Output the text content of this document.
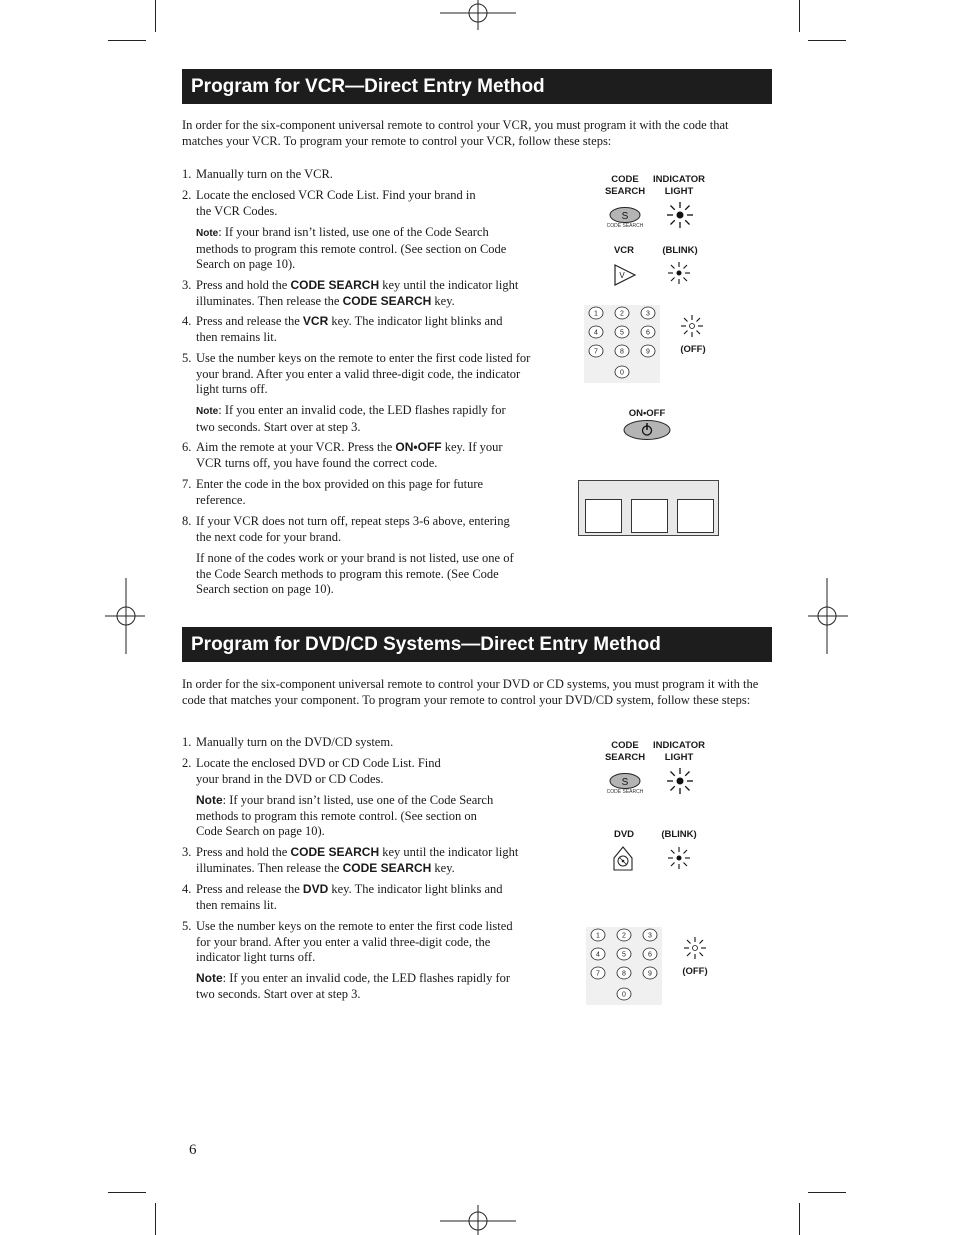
Program for VCR—Direct Entry Method
In order for the six-component universal remote to control your VCR, you must program it with the code that matches your VCR. To program your remote to control your VCR, follow these steps:
1. Manually turn on the VCR.
2. Locate the enclosed VCR Code List. Find your brand in the VCR Codes.
Note: If your brand isn’t listed, use one of the Code Search methods to program this remote control. (See section on Code Search on page 10).
3. Press and hold the CODE SEARCH key until the indicator light illuminates. Then release the CODE SEARCH key.
4. Press and release the VCR key. The indicator light blinks and then remains lit.
5. Use the number keys on the remote to enter the first code listed for your brand. After you enter a valid three-digit code, the indicator light turns off.
Note: If you enter an invalid code, the LED flashes rapidly for two seconds. Start over at step 3.
6. Aim the remote at your VCR. Press the ON•OFF key. If your VCR turns off, you have found the correct code.
7. Enter the code in the box provided on this page for future reference.
8. If your VCR does not turn off, repeat steps 3-6 above, entering the next code for your brand.
If none of the codes work or your brand is not listed, use one of the Code Search methods to program this remote. (See Code Search section on page 10).
CODE
SEARCH
INDICATOR
LIGHT
S
CODE SEARCH
VCR	(BLINK)
V
1	2	3
4	5	6
7	8	9
0
(OFF)
ON•OFF
Program for DVD/CD Systems—Direct Entry Method
In order for the six-component universal remote to control your DVD or CD systems, you must program it with the code that matches your component. To program your remote to control your DVD/CD system, follow these steps:
1. Manually turn on the DVD/CD system.
2. Locate the enclosed DVD or CD Code List. Find your brand in the DVD or CD Codes.
Note: If your brand isn’t listed, use one of the Code Search methods to program this remote control. (See section on Code Search on page 10).
3. Press and hold the CODE SEARCH key until the indicator light illuminates. Then release the CODE SEARCH key.
4. Press and release the DVD key. The indicator light blinks and then remains lit.
5. Use the number keys on the remote to enter the first code listed for your brand. After you enter a valid three-digit code, the indicator light turns off.
Note: If you enter an invalid code, the LED flashes rapidly for two seconds. Start over at step 3.
CODE
SEARCH
INDICATOR
LIGHT
S
CODE SEARCH
DVD	(BLINK)
1	2	3
4	5	6
7	8	9
0
(OFF)
6
